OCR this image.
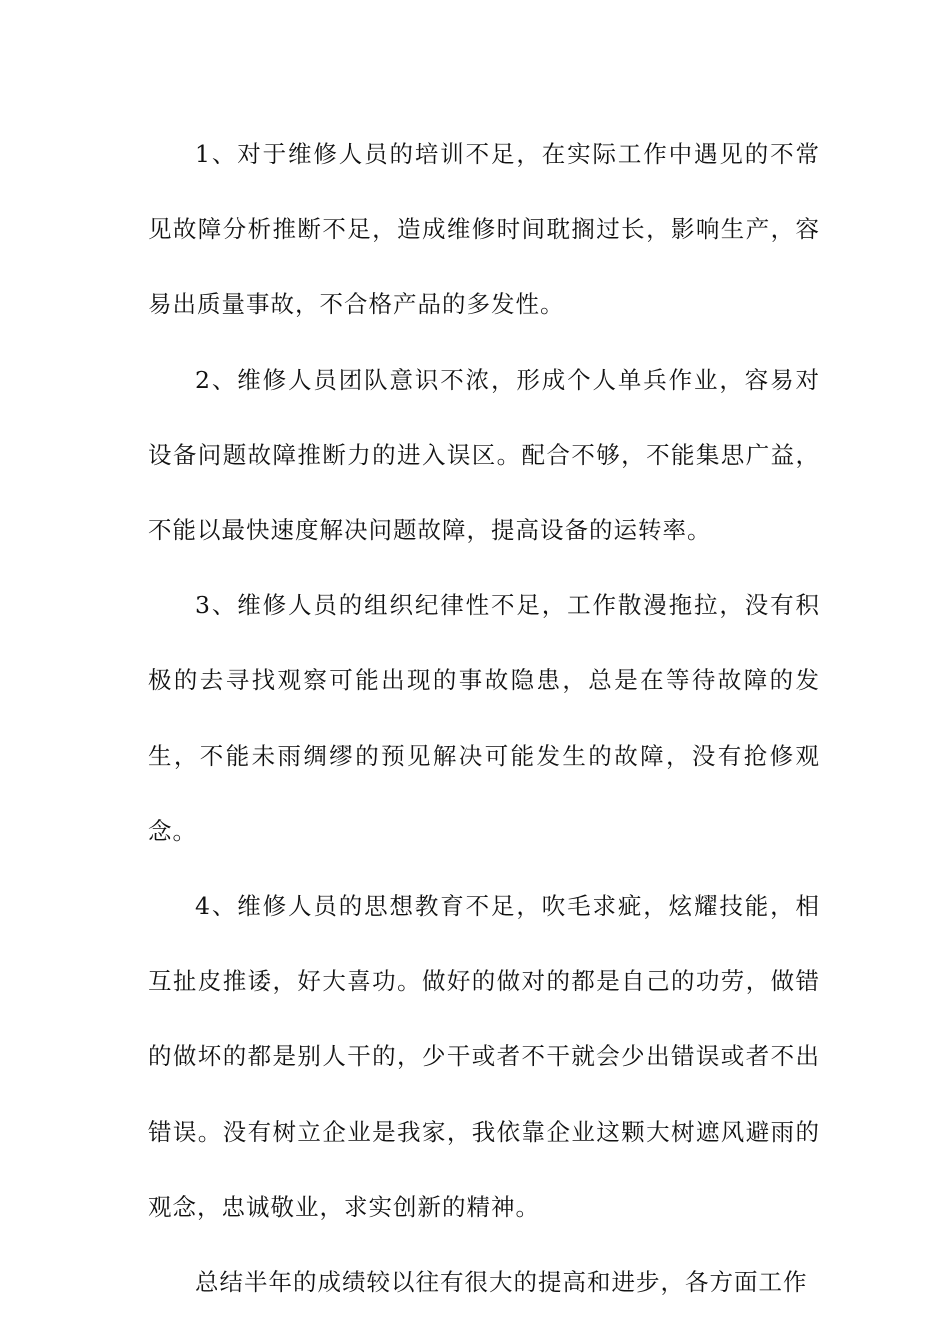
1、对于维修人员的培训不足，在实际工作中遇见的不常见故障分析推断不足，造成维修时间耽搁过长，影响生产，容易出质量事故，不合格产品的多发性。

2、维修人员团队意识不浓，形成个人单兵作业，容易对设备问题故障推断力的进入误区。配合不够，不能集思广益，不能以最快速度解决问题故障，提高设备的运转率。

3、维修人员的组织纪律性不足，工作散漫拖拉，没有积极的去寻找观察可能出现的事故隐患，总是在等待故障的发生，不能未雨绸缪的预见解决可能发生的故障，没有抢修观念。

4、维修人员的思想教育不足，吹毛求疵，炫耀技能，相互扯皮推诿，好大喜功。做好的做对的都是自己的功劳，做错的做坏的都是别人干的，少干或者不干就会少出错误或者不出错误。没有树立企业是我家，我依靠企业这颗大树遮风避雨的观念，忠诚敬业，求实创新的精神。

总结半年的成绩较以往有很大的提高和进步，各方面工作
